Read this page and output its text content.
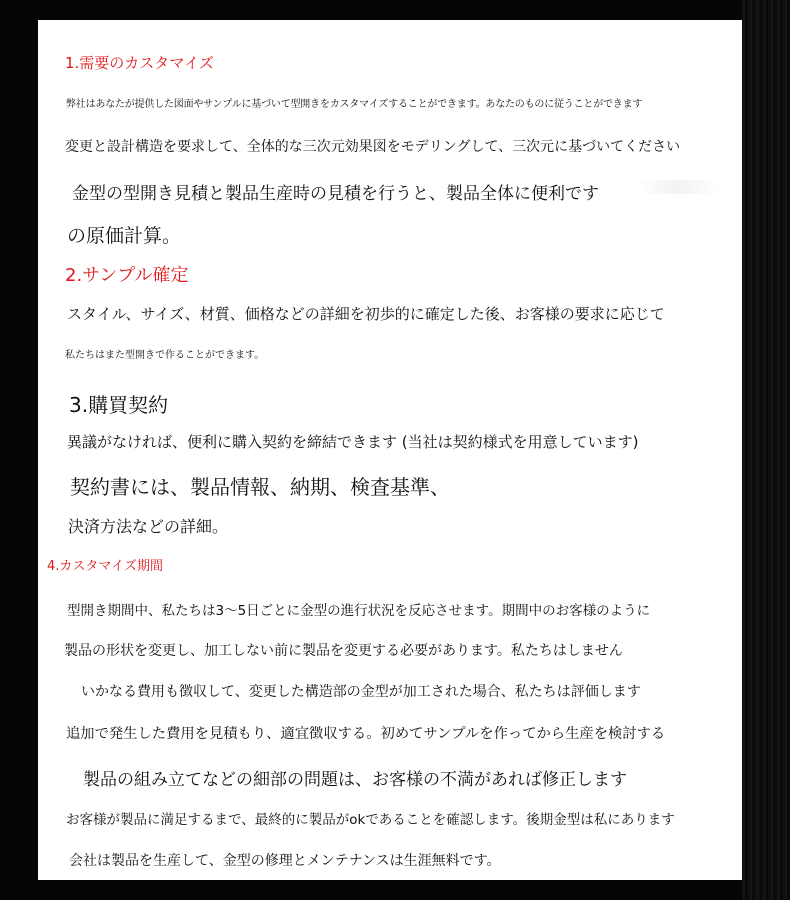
1.需要のカスタマイズ
弊社はあなたが提供した図面やサンプルに基づいて型開きをカスタマイズすることができます。あなたのものに従うことができます
変更と設計構造を要求して、全体的な三次元効果図をモデリングして、三次元に基づいてください
金型の型開き見積と製品生産時の見積を行うと、製品全体に便利です
の原価計算。
2.サンプル確定
スタイル、サイズ、材質、価格などの詳細を初歩的に確定した後、お客様の要求に応じて
私たちはまた型開きで作ることができます。
3.購買契約
異議がなければ、便利に購入契約を締結できます (当社は契約様式を用意しています)
契約書には、製品情報、納期、検査基準、
決済方法などの詳細。
4.カスタマイズ期間
型開き期間中、私たちは3～5日ごとに金型の進行状況を反応させます。期間中のお客様のように
製品の形状を変更し、加工しない前に製品を変更する必要があります。私たちはしません
いかなる費用も徴収して、変更した構造部の金型が加工された場合、私たちは評価します
追加で発生した費用を見積もり、適宜徴収する。初めてサンプルを作ってから生産を検討する
製品の組み立てなどの細部の問題は、お客様の不満があれば修正します
お客様が製品に満足するまで、最終的に製品がokであることを確認します。後期金型は私にあります
会社は製品を生産して、金型の修理とメンテナンスは生涯無料です。
